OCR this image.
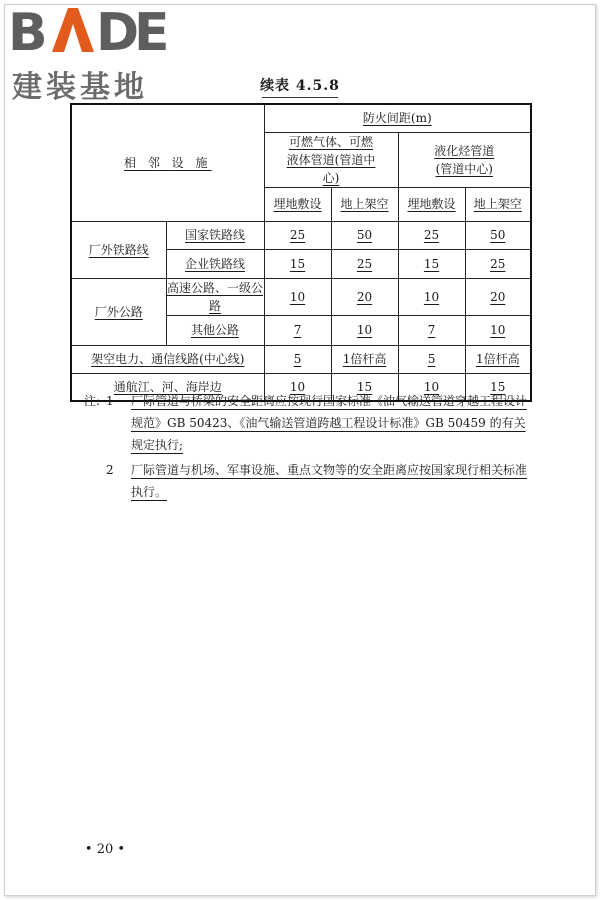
B D
E
建装基地	续表 4.5.8
相 邻 设 施		防火间距(m)			
		可燃气体、可燃液体管道(管道中心)		液化烃管道(管道中心)	
		埋地敷设	地上架空	埋地敷设	地上架空
厂外铁路线	国家铁路线	25	50	25	50
	企业铁路线	15	25	15	25
厂外公路	高速公路、一级公路	10	20	10	20
	其他公路	7	10	7	10
架空电力、通信线路(中心线)		5	1倍杆高	5	1倍杆高
通航江、河、海岸边		10	15	10	15
注: 1 厂际管道与桥梁的安全距离应按现行国家标准《油气输送管道穿越工程设计规范》GB 50423、《油气输送管道跨越工程设计标准》GB 50459 的有关规定执行;
2 厂际管道与机场、军事设施、重点文物等的安全距离应按国家现行相关标准执行。
• 20 •
